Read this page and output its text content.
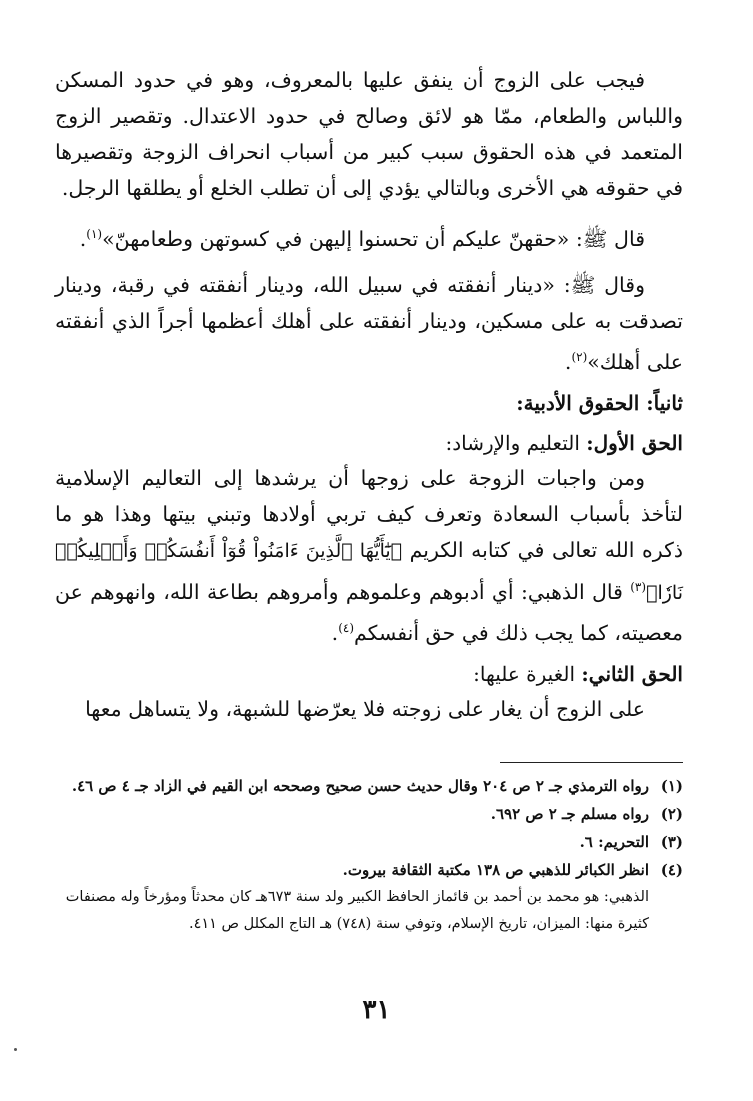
فيجب على الزوج أن ينفق عليها بالمعروف، وهو في حدود المسكن واللباس والطعام، ممّا هو لائق وصالح في حدود الاعتدال. وتقصير الزوج المتعمد في هذه الحقوق سبب كبير من أسباب انحراف الزوجة وتقصيرها في حقوقه هي الأخرى وبالتالي يؤدي إلى أن تطلب الخلع أو يطلقها الرجل.

قال ﷺ: «حقهنّ عليكم أن تحسنوا إليهن في كسوتهن وطعامهنّ»$^{(١)}$.

وقال ﷺ: «دينار أنفقته في سبيل الله، ودينار أنفقته في رقبة، ودينار تصدقت به على مسكين، ودينار أنفقته على أهلك أعظمها أجراً الذي أنفقته على أهلك»$^{(٢)}$.

ثانياً: الحقوق الأدبية:

الحق الأول: التعليم والإرشاد:

ومن واجبات الزوجة على زوجها أن يرشدها إلى التعاليم الإسلامية لتأخذ بأسباب السعادة وتعرف كيف تربي أولادها وتبني بيتها وهذا هو ما ذكره الله تعالى في كتابه الكريم ﴿يَٰٓأَيُّهَا ٱلَّذِينَ ءَامَنُواْ قُوٓاْ أَنفُسَكُمۡ وَأَهۡلِيكُمۡ نَارٗا﴾$^{(٣)}$ قال الذهبي: أي أدبوهم وعلموهم وأمروهم بطاعة الله، وانهوهم عن معصيته، كما يجب ذلك في حق أنفسكم$^{(٤)}$.

الحق الثاني: الغيرة عليها:

على الزوج أن يغار على زوجته فلا يعرّضها للشبهة، ولا يتساهل معها

(١)
رواه الترمذي جـ ٢ ص ٢٠٤ وقال حديث حسن صحيح وصححه ابن القيم في الزاد جـ ٤ ص ٤٦.
(٢)
رواه مسلم جـ ٢ ص ٦٩٢.
(٣)
التحريم: ٦.
(٤)
انظر الكبائر للذهبي ص ١٣٨ مكتبة الثقافة بيروت.

الذهبي: هو محمد بن أحمد بن قائماز الحافظ الكبير ولد سنة ٦٧٣هـ كان محدثاً ومؤرخاً وله مصنفات كثيرة منها: الميزان، تاريخ الإسلام، وتوفي سنة (٧٤٨) هـ التاج المكلل ص ٤١١.

٣١
